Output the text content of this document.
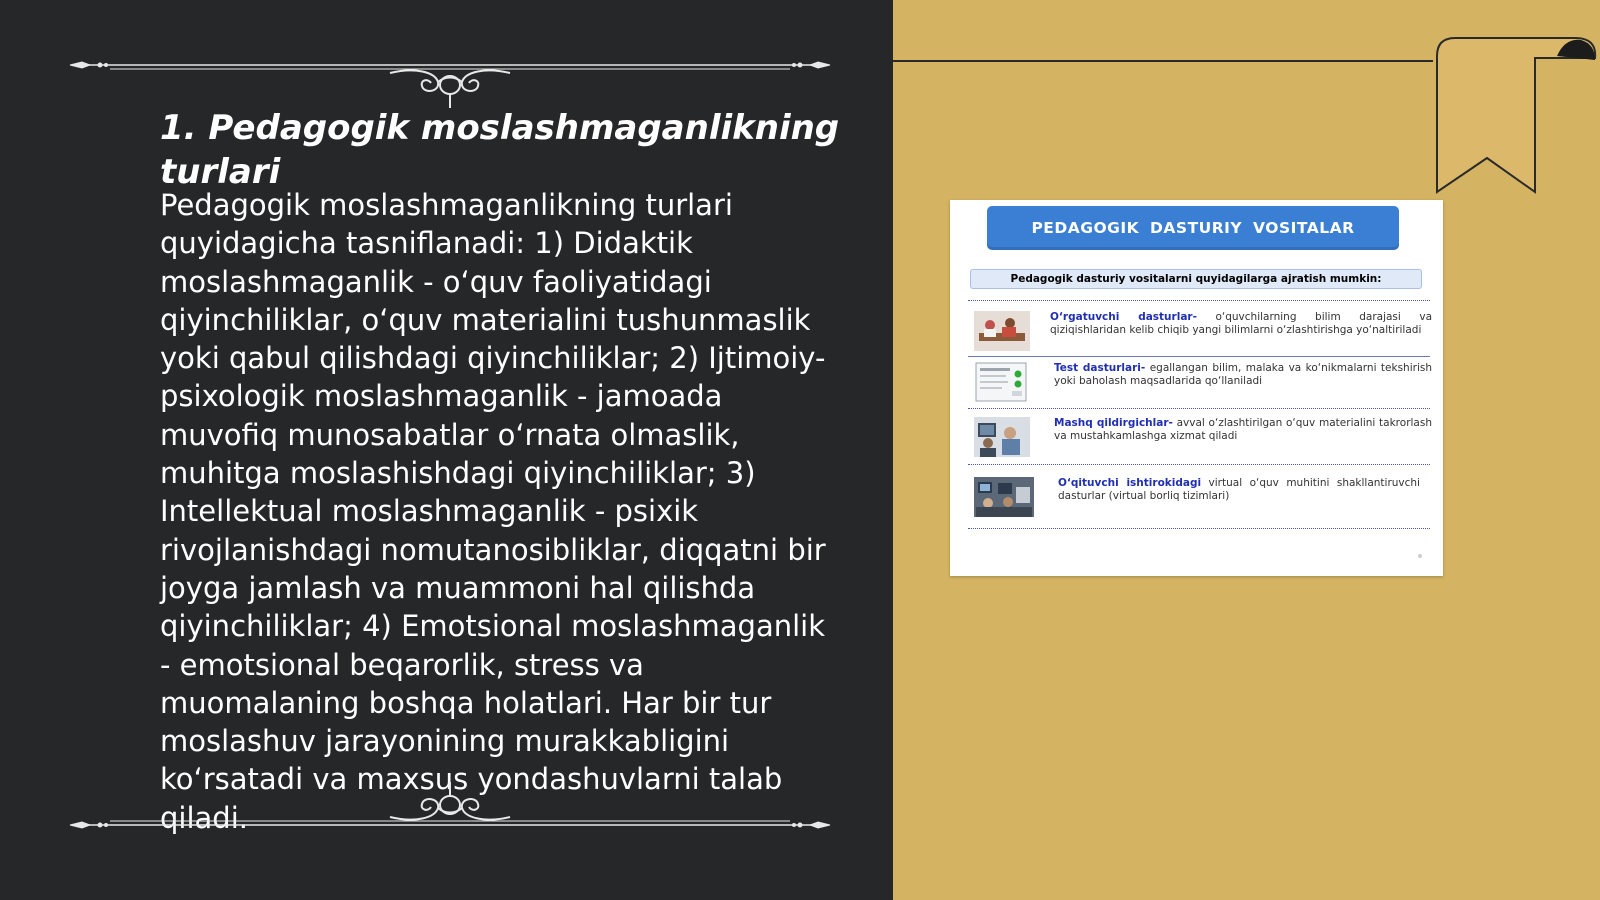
1. Pedagogik moslashmaganlikning turlari
Pedagogik moslashmaganlikning turlari quyidagicha tasniflanadi: 1) Didaktik moslashmaganlik - o‘quv faoliyatidagi qiyinchiliklar, o‘quv materialini tushunmaslik yoki qabul qilishdagi qiyinchiliklar; 2) Ijtimoiy-psixologik moslashmaganlik - jamoada muvofiq munosabatlar o‘rnata olmaslik, muhitga moslashishdagi qiyinchiliklar; 3) Intellektual moslashmaganlik - psixik rivojlanishdagi nomutanosibliklar, diqqatni bir joyga jamlash va muammoni hal qilishda qiyinchiliklar; 4) Emotsional moslashmaganlik - emotsional beqarorlik, stress va muomalaning boshqa holatlari. Har bir tur moslashuv jarayonining murakkabligini ko‘rsatadi va maxsus yondashuvlarni talab qiladi.
PEDAGOGIK DASTURIY VOSITALAR
Pedagogik dasturiy vositalarni quyidagilarga ajratish mumkin:
O‘rgatuvchi dasturlar- o‘quvchilarning bilim darajasi va qiziqishlaridan kelib chiqib yangi bilimlarni o‘zlashtirishga yo‘naltiriladi
Test dasturlari- egallangan bilim, malaka va ko‘nikmalarni tekshirish yoki baholash maqsadlarida qo‘llaniladi
Mashq qildirgichlar- avval o‘zlashtirilgan o‘quv materialini takrorlash va mustahkamlashga xizmat qiladi
O‘qituvchi ishtirokidagi virtual o‘quv muhitini shakllantiruvchi dasturlar (virtual borliq tizimlari)
